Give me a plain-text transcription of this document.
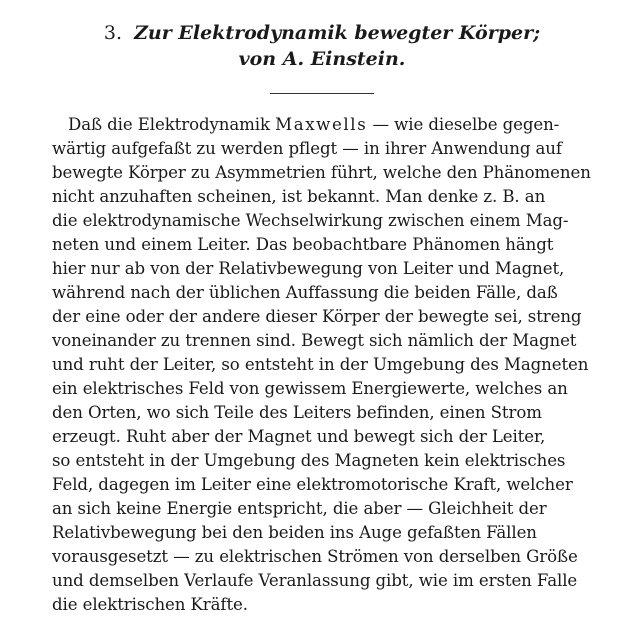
3. Zur Elektrodynamik bewegter Körper;
von A. Einstein.
Daß die Elektrodynamik Maxwells — wie dieselbe gegen-
wärtig aufgefaßt zu werden pflegt — in ihrer Anwendung auf
bewegte Körper zu Asymmetrien führt, welche den Phänomenen
nicht anzuhaften scheinen, ist bekannt. Man denke z. B. an
die elektrodynamische Wechselwirkung zwischen einem Mag-
neten und einem Leiter. Das beobachtbare Phänomen hängt
hier nur ab von der Relativbewegung von Leiter und Magnet,
während nach der üblichen Auffassung die beiden Fälle, daß
der eine oder der andere dieser Körper der bewegte sei, streng
voneinander zu trennen sind. Bewegt sich nämlich der Magnet
und ruht der Leiter, so entsteht in der Umgebung des Magneten
ein elektrisches Feld von gewissem Energiewerte, welches an
den Orten, wo sich Teile des Leiters befinden, einen Strom
erzeugt. Ruht aber der Magnet und bewegt sich der Leiter,
so entsteht in der Umgebung des Magneten kein elektrisches
Feld, dagegen im Leiter eine elektromotorische Kraft, welcher
an sich keine Energie entspricht, die aber — Gleichheit der
Relativbewegung bei den beiden ins Auge gefaßten Fällen
vorausgesetzt — zu elektrischen Strömen von derselben Größe
und demselben Verlaufe Veranlassung gibt, wie im ersten Falle
die elektrischen Kräfte.
